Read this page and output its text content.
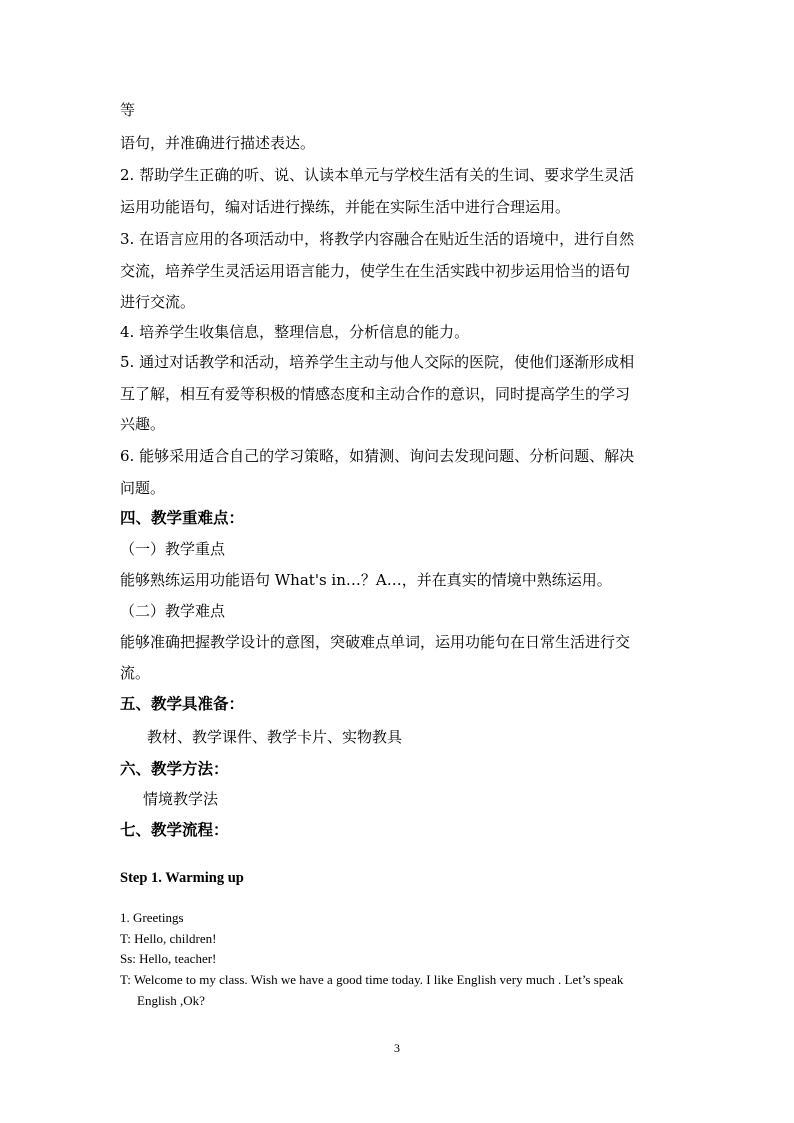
等
语句，并准确进行描述表达。
2. 帮助学生正确的听、说、认读本单元与学校生活有关的生词、要求学生灵活
运用功能语句，编对话进行操练，并能在实际生活中进行合理运用。
3. 在语言应用的各项活动中，将教学内容融合在贴近生活的语境中，进行自然
交流，培养学生灵活运用语言能力，使学生在生活实践中初步运用恰当的语句
进行交流。
4. 培养学生收集信息，整理信息，分析信息的能力。
5. 通过对话教学和活动，培养学生主动与他人交际的医院，使他们逐渐形成相
互了解，相互有爱等积极的情感态度和主动合作的意识，同时提高学生的学习
兴趣。
6. 能够采用适合自己的学习策略，如猜测、询问去发现问题、分析问题、解决
问题。
四、教学重难点：
（一）教学重点
能够熟练运用功能语句 What's in…？A…，并在真实的情境中熟练运用。
（二）教学难点
能够准确把握教学设计的意图，突破难点单词，运用功能句在日常生活进行交
流。
五、教学具准备：
教材、教学课件、教学卡片、实物教具
六、教学方法：
情境教学法
七、教学流程：
Step 1. Warming up
1. Greetings
T: Hello, children!
Ss: Hello, teacher!
T: Welcome to my class. Wish we have a good time today. I like English very much . Let’s speak
English ,Ok?
3
